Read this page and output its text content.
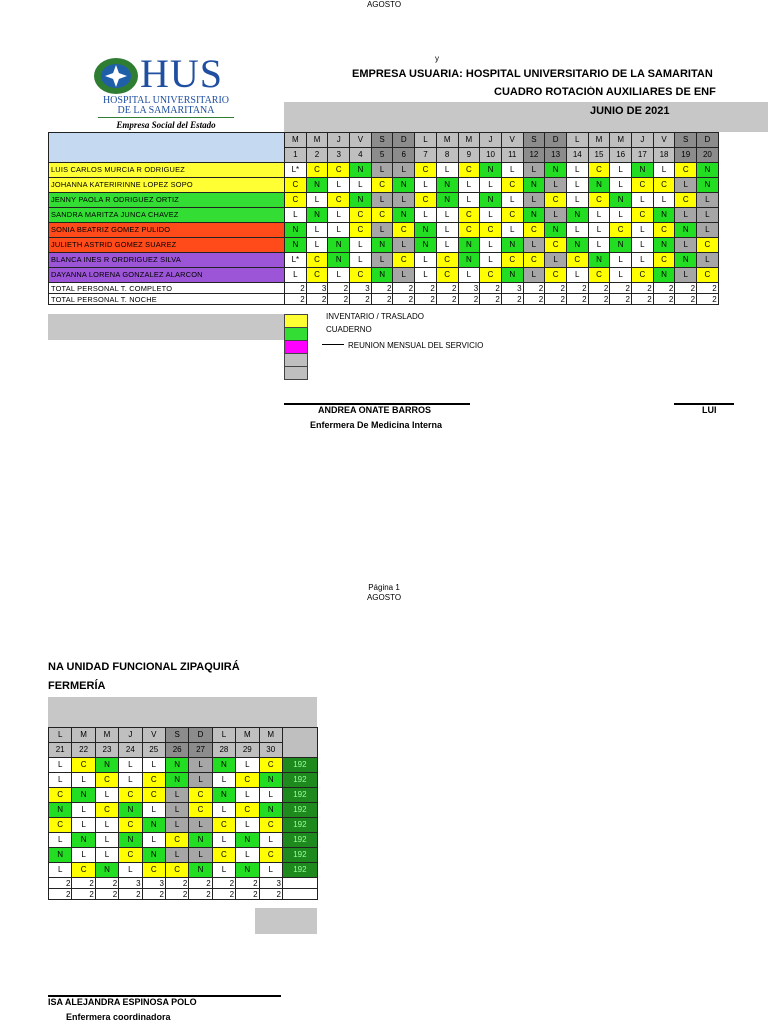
AGOSTO
y
HUS
HOSPITAL UNIVERSITARIO
DE LA SAMARITANA
Empresa Social del Estado
EMPRESA USUARIA: HOSPITAL UNIVERSITARIO DE LA SAMARITAN
CUADRO ROTACIÓN AUXILIARES DE ENF
JUNIO DE 2021
	M	M	J	V	S	D	L	M	M	J	V	S	D	L	M	M	J	V	S	D
	1	2	3	4	5	6	7	8	9	10	11	12	13	14	15	16	17	18	19	20
LUIS CARLOS MURCIA R ODRIGUEZ	L*	C	C	N	L	L	C	L	C	N	L	L	N	L	C	L	N	L	C	N
JOHANNA KATERIRINNE LOPEZ SOPO	C	N	L	L	C	N	L	N	L	L	C	N	L	L	N	L	C	C	L	N
JENNY PAOLA R ODRIGUEZ ORTIZ	C	L	C	N	L	L	C	N	L	N	L	L	C	L	C	N	L	L	C	L
SANDRA MARITZA JUNCA CHAVEZ	L	N	L	C	C	N	L	L	C	L	C	N	L	N	L	L	C	N	L	L
SONIA BEATRIZ GOMEZ PULIDO	N	L	L	C	L	C	N	L	C	C	L	C	N	L	L	C	L	C	N	L
JULIETH ASTRID GOMEZ SUAREZ	N	L	N	L	N	L	N	L	N	L	N	L	C	N	L	N	L	N	L	C
BLANCA INES R ORDRIGUEZ SILVA	L*	C	N	L	L	C	L	C	N	L	C	C	L	C	N	L	L	C	N	L
DAYANNA LORENA GONZALEZ ALARCON	L	C	L	C	N	L	L	C	L	C	N	L	C	L	C	L	C	N	L	C
TOTAL PERSONAL T. COMPLETO	2	3	2	3	2	2	2	2	3	2	3	2	2	2	2	2	2	2	2	2
TOTAL PERSONAL T. NOCHE	2	2	2	2	2	2	2	2	2	2	2	2	2	2	2	2	2	2	2	2
INVENTARIO / TRASLADO
CUADERNO
REUNION MENSUAL DEL SERVICIO
ANDREA ONATE BARROS
Enfermera De Medicina Interna
LUI
Página 1
AGOSTO
NA UNIDAD FUNCIONAL ZIPAQUIRÁ
FERMERÍA
L	M	M	J	V	S	D	L	M	M	
21	22	23	24	25	26	27	28	29	30	
L	C	N	L	L	N	L	N	L	C	192
L	L	C	L	C	N	L	L	C	N	192
C	N	L	C	C	L	C	N	L	L	192
N	L	C	N	L	L	C	L	C	N	192
C	L	L	C	N	L	L	C	L	C	192
L	N	L	N	L	C	N	L	N	L	192
N	L	L	C	N	L	L	C	L	C	192
L	C	N	L	C	C	N	L	N	L	192
2	2	2	3	3	2	2	2	2	3	
2	2	2	2	2	2	2	2	2	2	
ISA ALEJANDRA ESPINOSA POLO
Enfermera coordinadora
